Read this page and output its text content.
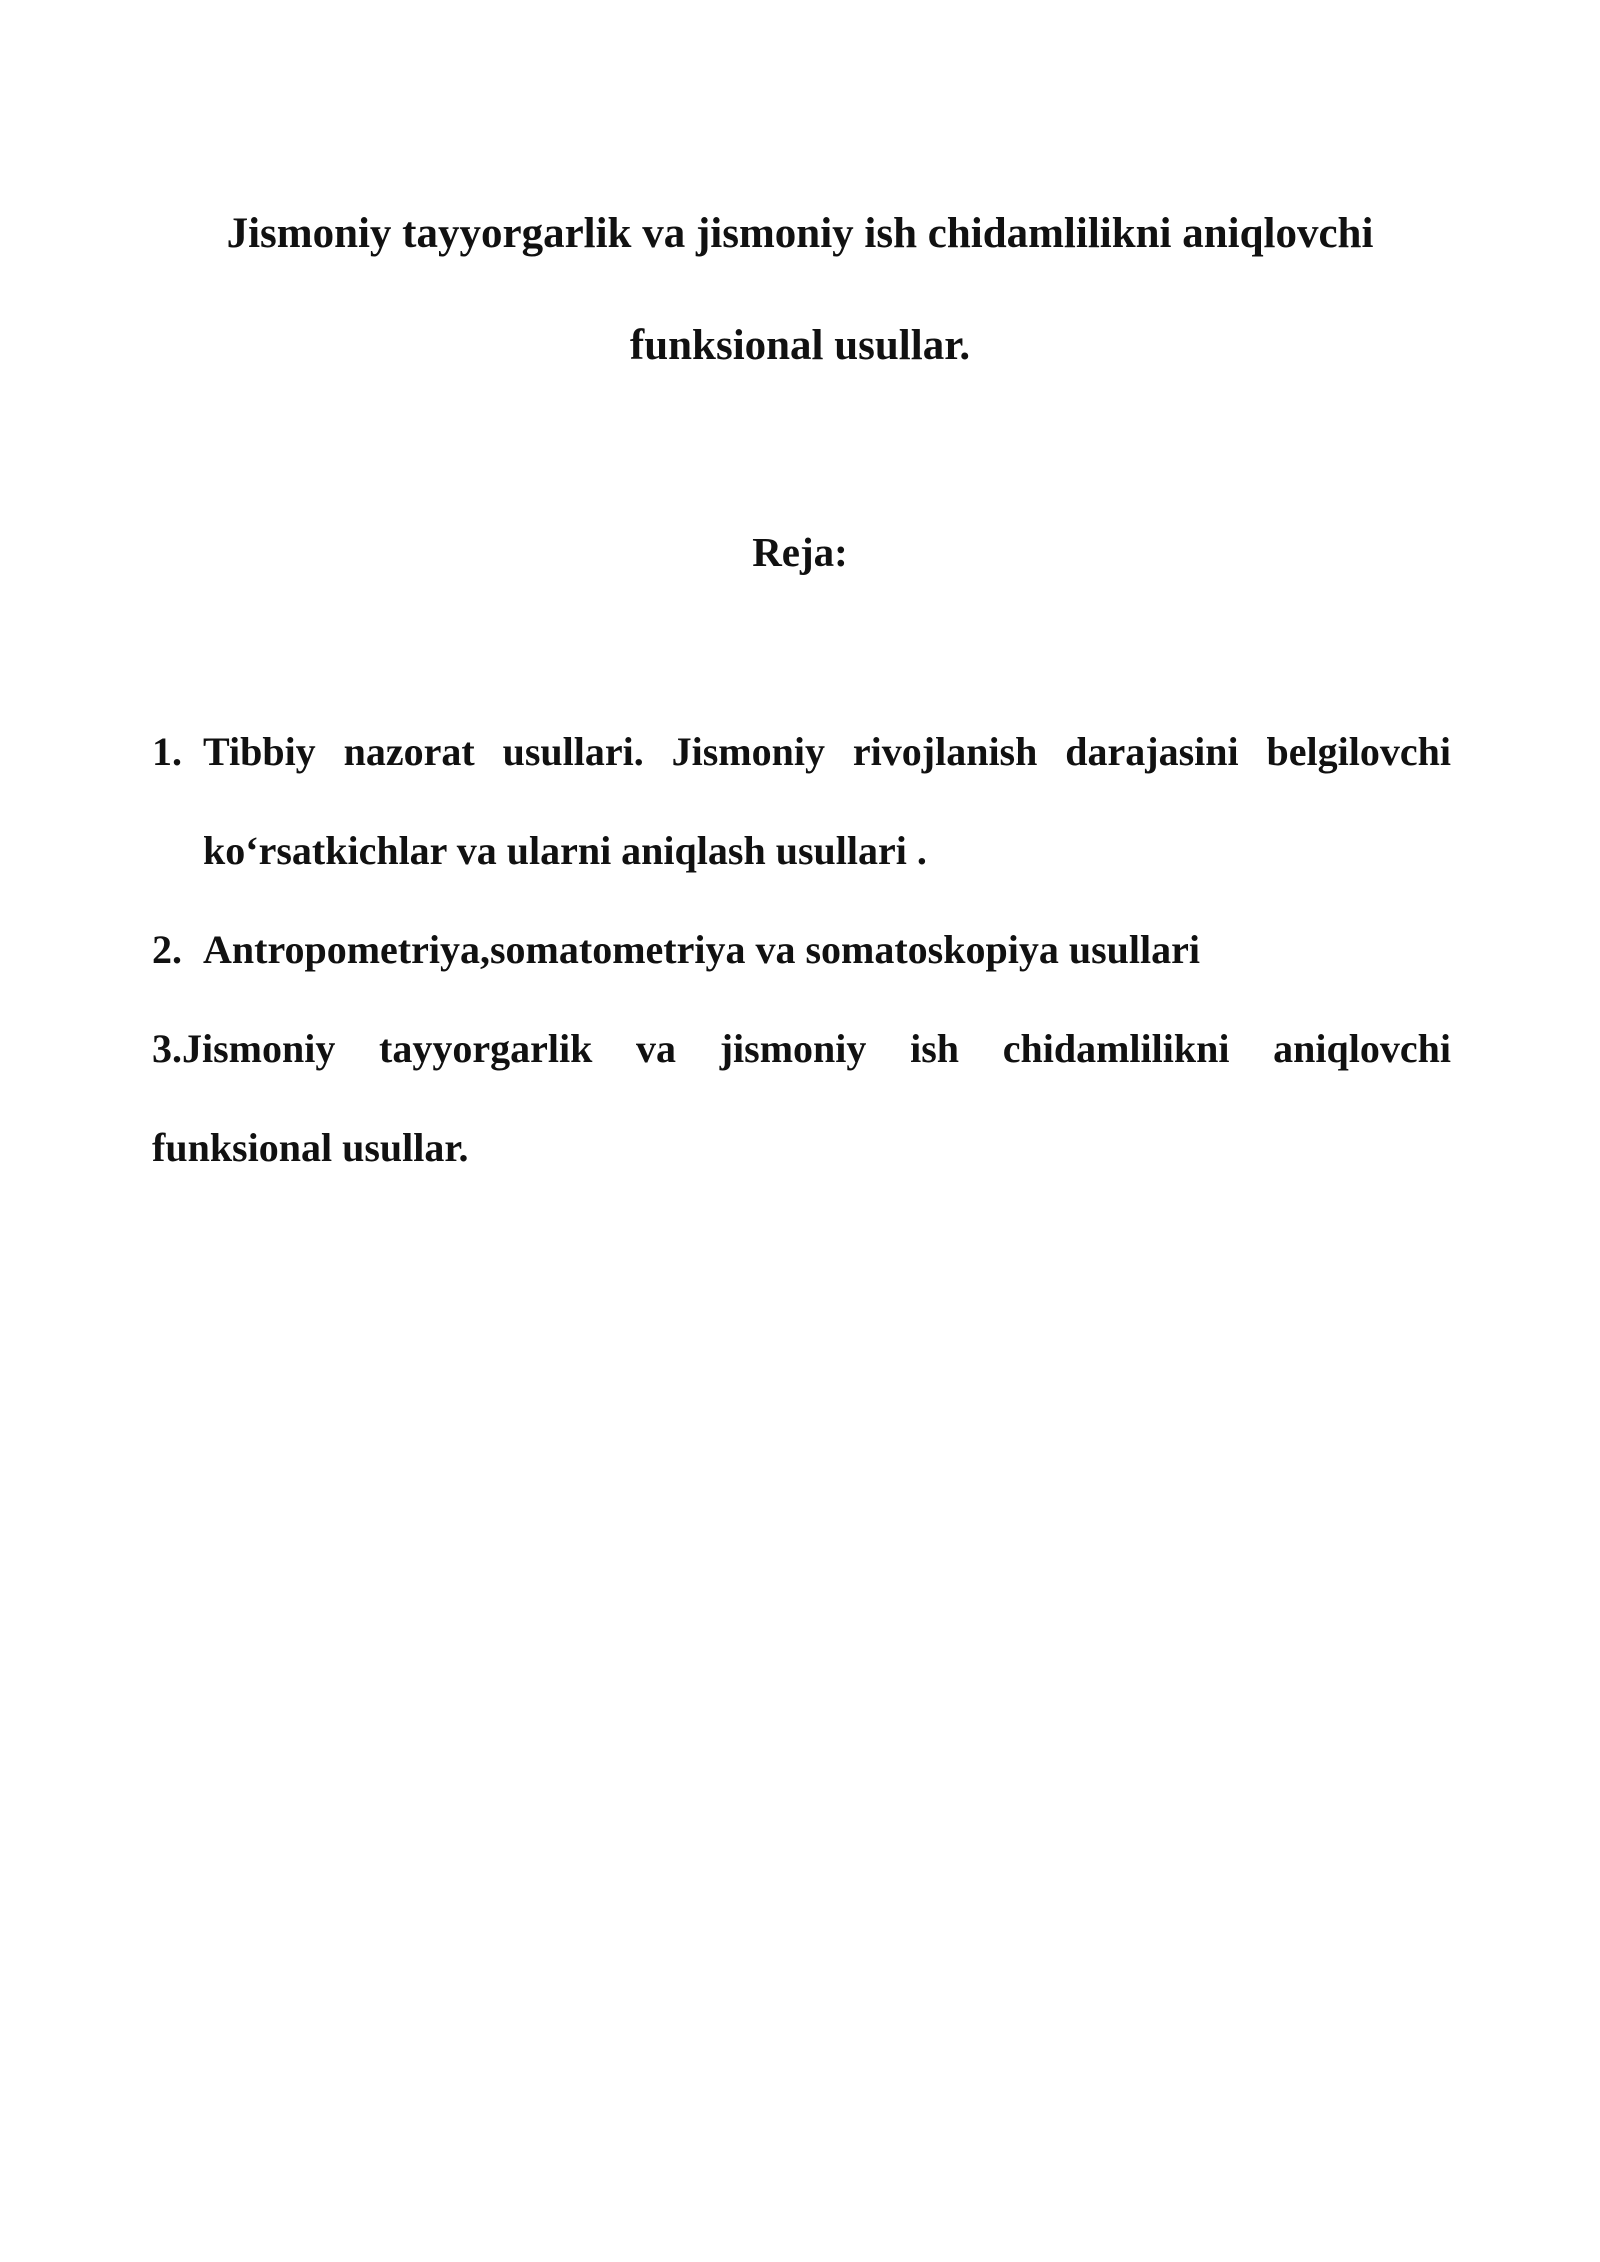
Jismoniy tayyorgarlik va jismoniy ish chidamlilikni aniqlovchi
funksional usullar.
Reja:
1. Tibbiy nazorat usullari. Jismoniy rivojlanish darajasini belgilovchi
ko‘rsatkichlar va ularni aniqlash usullari .
2. Antropometriya,somatometriya va somatoskopiya usullari
3.Jismoniy tayyorgarlik va jismoniy ish chidamlilikni aniqlovchi
funksional usullar.
